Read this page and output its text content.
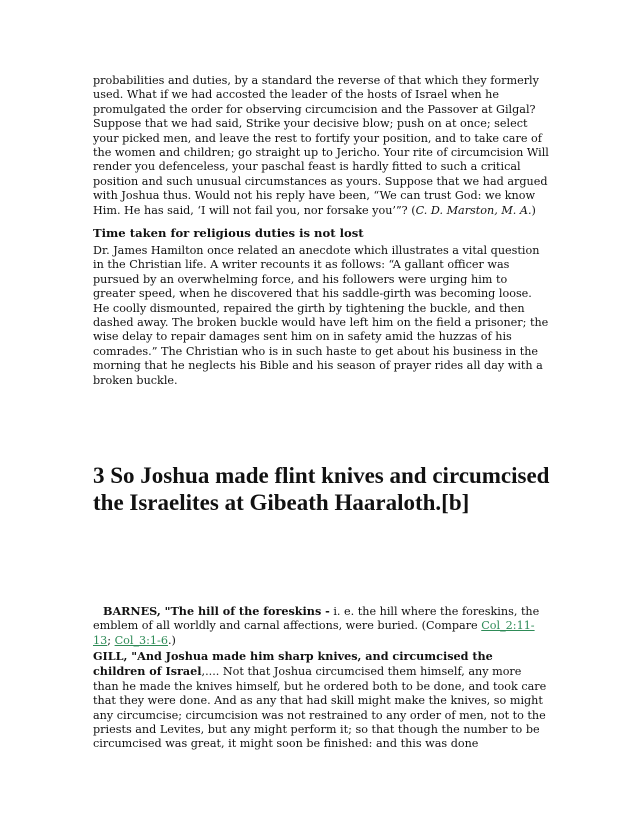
probabilities and duties, by a standard the reverse of that which they formerly used. What if we had accosted the leader of the hosts of Israel when he promulgated the order for observing circumcision and the Passover at Gilgal? Suppose that we had said, Strike your decisive blow; push on at once; select your picked men, and leave the rest to fortify your position, and to take care of the women and children; go straight up to Jericho. Your rite of circumcision Will render you defenceless, your paschal feast is hardly fitted to such a critical position and such unusual circumstances as yours. Suppose that we had argued with Joshua thus. Would not his reply have been, “We can trust God: we know Him. He has said, ‘I will not fail you, nor forsake you’”? (C. D. Marston, M. A.)

Time taken for religious duties is not lost

Dr. James Hamilton once related an anecdote which illustrates a vital question in the Christian life. A writer recounts it as follows: “A gallant officer was pursued by an overwhelming force, and his followers were urging him to greater speed, when he discovered that his saddle-girth was becoming loose. He coolly dismounted, repaired the girth by tightening the buckle, and then dashed away. The broken buckle would have left him on the field a prisoner; the wise delay to repair damages sent him on in safety amid the huzzas of his comrades.” The Christian who is in such haste to get about his business in the morning that he neglects his Bible and his season of prayer rides all day with a broken buckle.

3 So Joshua made flint knives and circumcised the Israelites at Gibeath Haaraloth.[b]

BARNES, "The hill of the foreskins - i. e. the hill where the foreskins, the emblem of all worldly and carnal affections, were buried. (Compare Col_2:11-13; Col_3:1-6.)

GILL, "And Joshua made him sharp knives, and circumcised the children of Israel,.... Not that Joshua circumcised them himself, any more than he made the knives himself, but he ordered both to be done, and took care that they were done. And as any that had skill might make the knives, so might any circumcise; circumcision was not restrained to any order of men, not to the priests and Levites, but any might perform it; so that though the number to be circumcised was great, it might soon be finished: and this was done
